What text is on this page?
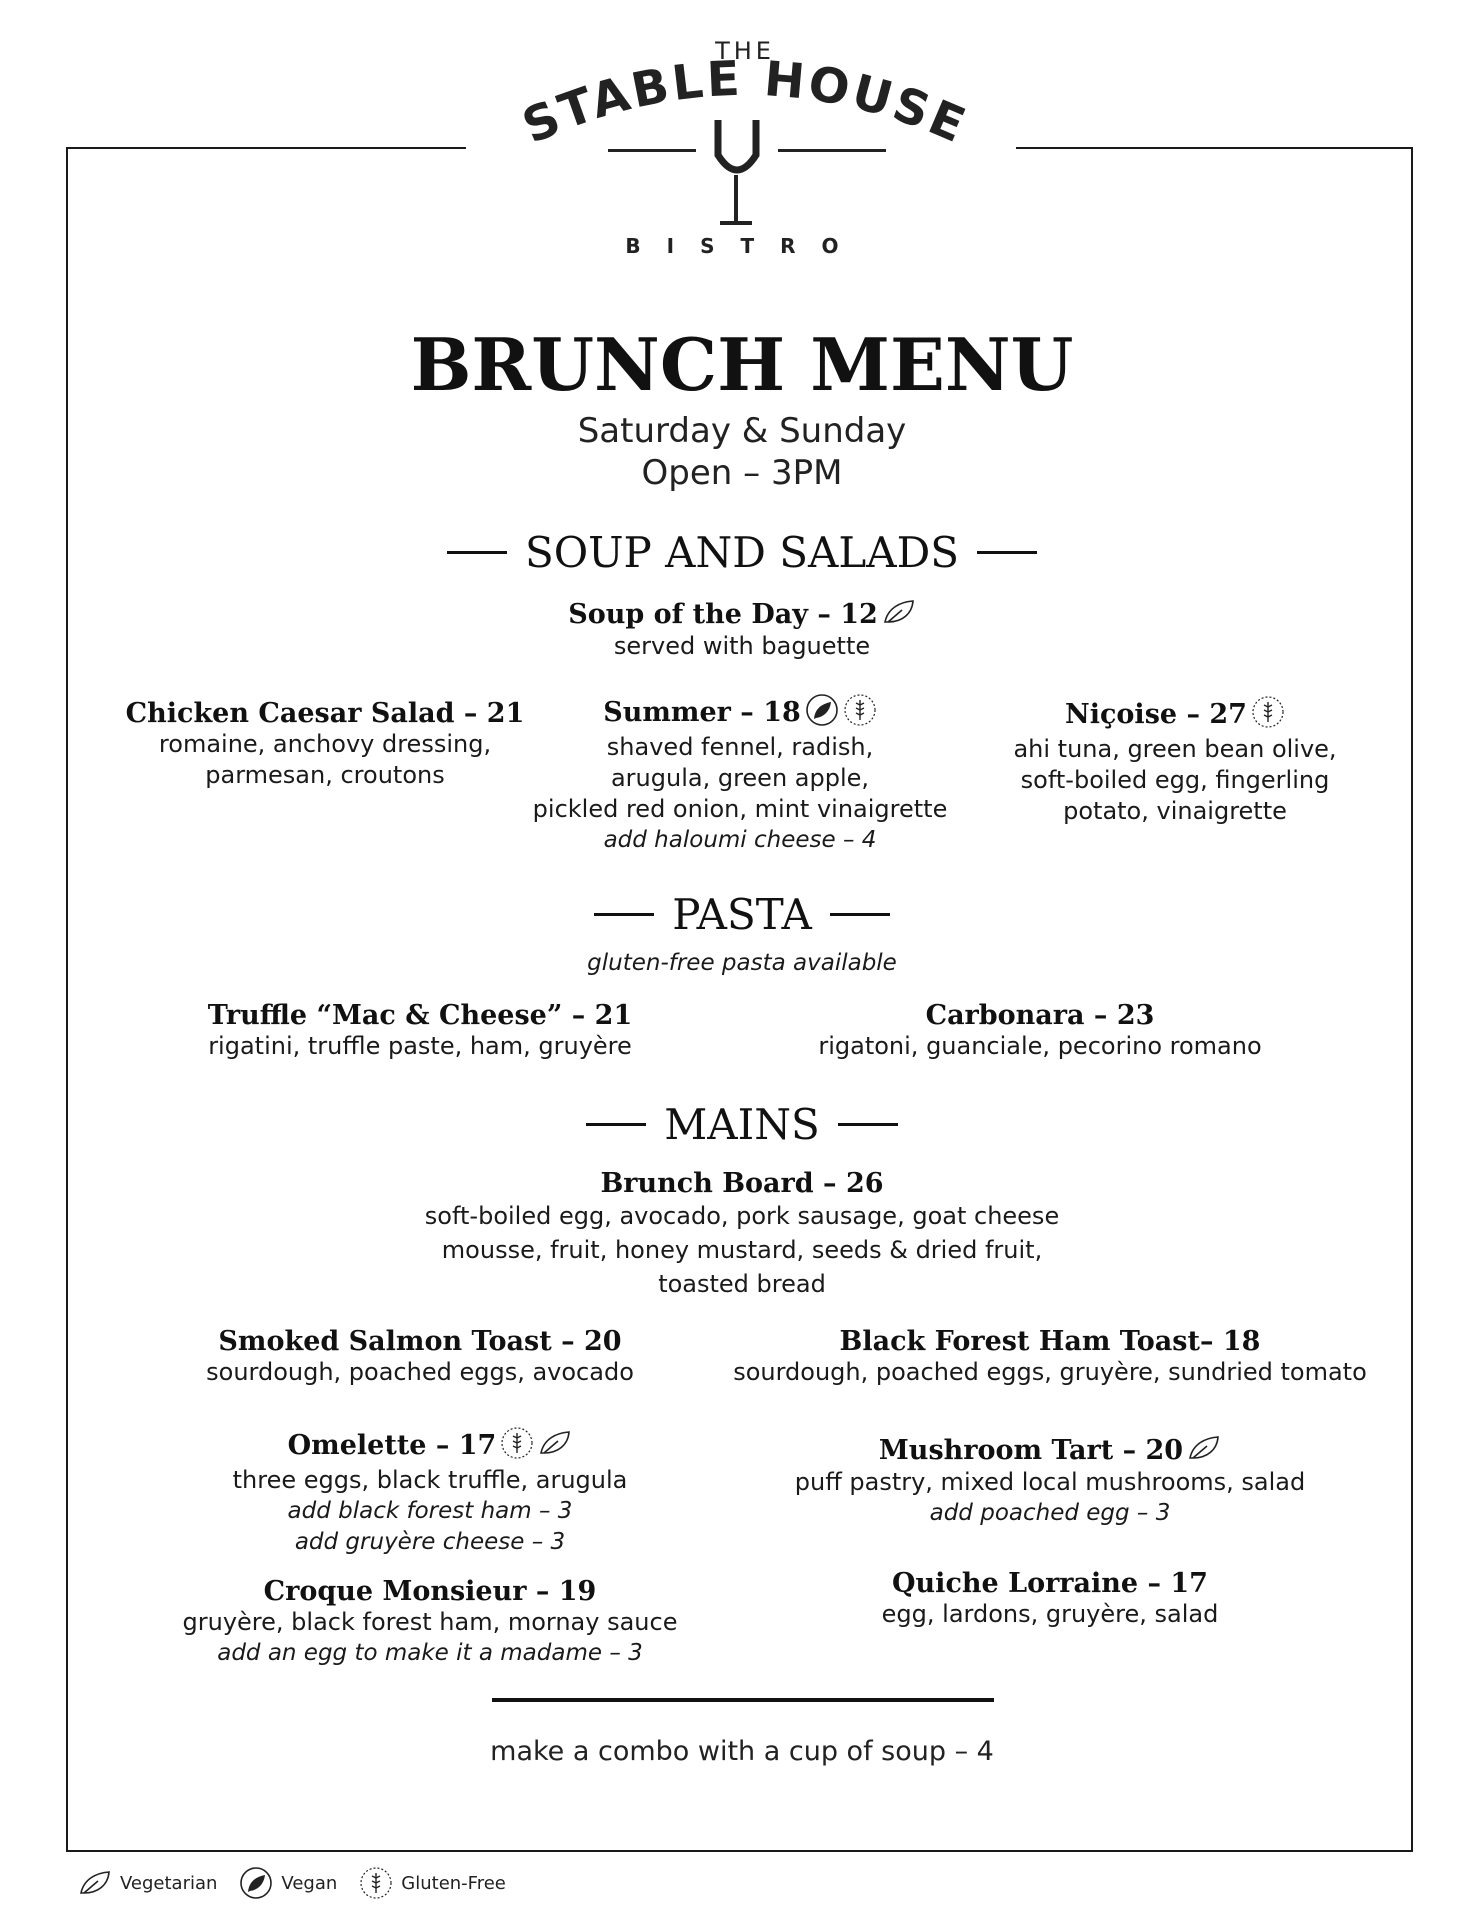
THE
STABLE HOUSE
BISTRO
BRUNCH MENU
Saturday & Sunday
Open – 3PM
SOUP AND SALADS
Soup of the Day – 12
served with baguette
Chicken Caesar Salad – 21
romaine, anchovy dressing,
parmesan, croutons
Summer – 18
shaved fennel, radish,
arugula, green apple,
pickled red onion, mint vinaigrette
add haloumi cheese – 4
Niçoise – 27
ahi tuna, green bean olive,
soft-boiled egg, fingerling
potato, vinaigrette
PASTA
gluten-free pasta available
Truffle “Mac & Cheese” – 21
rigatini, truffle paste, ham, gruyère
Carbonara – 23
rigatoni, guanciale, pecorino romano
MAINS
Brunch Board – 26
soft-boiled egg, avocado, pork sausage, goat cheese
mousse, fruit, honey mustard, seeds & dried fruit,
toasted bread
Smoked Salmon Toast – 20
sourdough, poached eggs, avocado
Black Forest Ham Toast– 18
sourdough, poached eggs, gruyère, sundried tomato
Omelette – 17
three eggs, black truffle, arugula
add black forest ham – 3
add gruyère cheese – 3
Mushroom Tart – 20
puff pastry, mixed local mushrooms, salad
add poached egg – 3
Croque Monsieur – 19
gruyère, black forest ham, mornay sauce
add an egg to make it a madame – 3
Quiche Lorraine – 17
egg, lardons, gruyère, salad
make a combo with a cup of soup – 4
Vegetarian	Vegan	Gluten-Free
